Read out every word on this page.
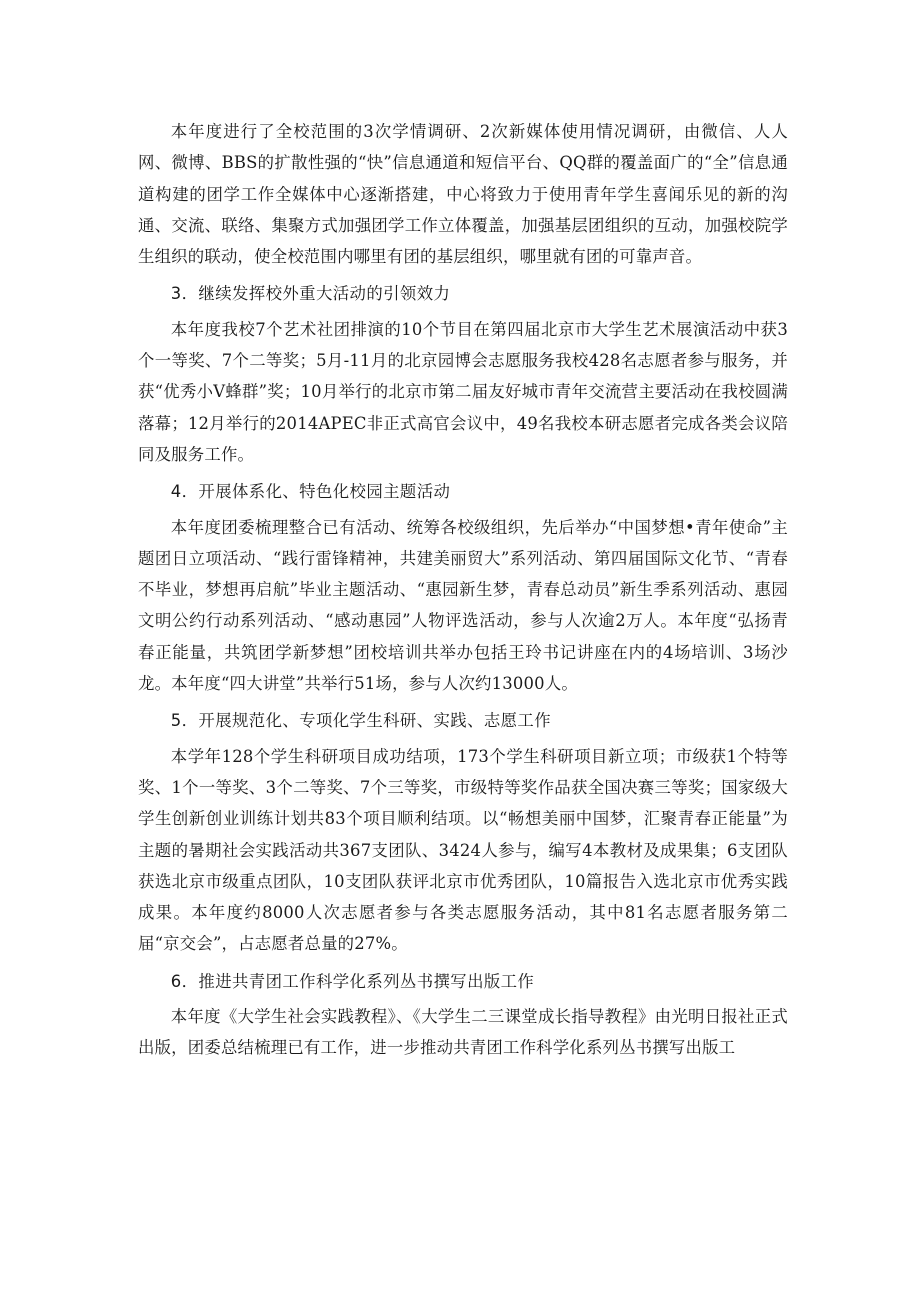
本年度进行了全校范围的3次学情调研、2次新媒体使用情况调研，由微信、人人网、微博、BBS的扩散性强的“快”信息通道和短信平台、QQ群的覆盖面广的“全”信息通道构建的团学工作全媒体中心逐渐搭建，中心将致力于使用青年学生喜闻乐见的新的沟通、交流、联络、集聚方式加强团学工作立体覆盖，加强基层团组织的互动，加强校院学生组织的联动，使全校范围内哪里有团的基层组织，哪里就有团的可靠声音。

3．继续发挥校外重大活动的引领效力

本年度我校7个艺术社团排演的10个节目在第四届北京市大学生艺术展演活动中获3个一等奖、7个二等奖；5月-11月的北京园博会志愿服务我校428名志愿者参与服务，并获“优秀小V蜂群”奖；10月举行的北京市第二届友好城市青年交流营主要活动在我校圆满落幕；12月举行的2014APEC非正式高官会议中，49名我校本研志愿者完成各类会议陪同及服务工作。

4．开展体系化、特色化校园主题活动

本年度团委梳理整合已有活动、统筹各校级组织，先后举办“中国梦想•青年使命”主题团日立项活动、“践行雷锋精神，共建美丽贸大”系列活动、第四届国际文化节、“青春不毕业，梦想再启航”毕业主题活动、“惠园新生梦，青春总动员”新生季系列活动、惠园文明公约行动系列活动、“感动惠园”人物评选活动，参与人次逾2万人。本年度“弘扬青春正能量，共筑团学新梦想”团校培训共举办包括王玲书记讲座在内的4场培训、3场沙龙。本年度“四大讲堂”共举行51场，参与人次约13000人。

5．开展规范化、专项化学生科研、实践、志愿工作

本学年128个学生科研项目成功结项，173个学生科研项目新立项；市级获1个特等奖、1个一等奖、3个二等奖、7个三等奖，市级特等奖作品获全国决赛三等奖；国家级大学生创新创业训练计划共83个项目顺利结项。以“畅想美丽中国梦，汇聚青春正能量”为主题的暑期社会实践活动共367支团队、3424人参与，编写4本教材及成果集；6支团队获选北京市级重点团队，10支团队获评北京市优秀团队，10篇报告入选北京市优秀实践成果。本年度约8000人次志愿者参与各类志愿服务活动，其中81名志愿者服务第二届“京交会”，占志愿者总量的27%。

6．推进共青团工作科学化系列丛书撰写出版工作

本年度《大学生社会实践教程》、《大学生二三课堂成长指导教程》由光明日报社正式出版，团委总结梳理已有工作，进一步推动共青团工作科学化系列丛书撰写出版工
